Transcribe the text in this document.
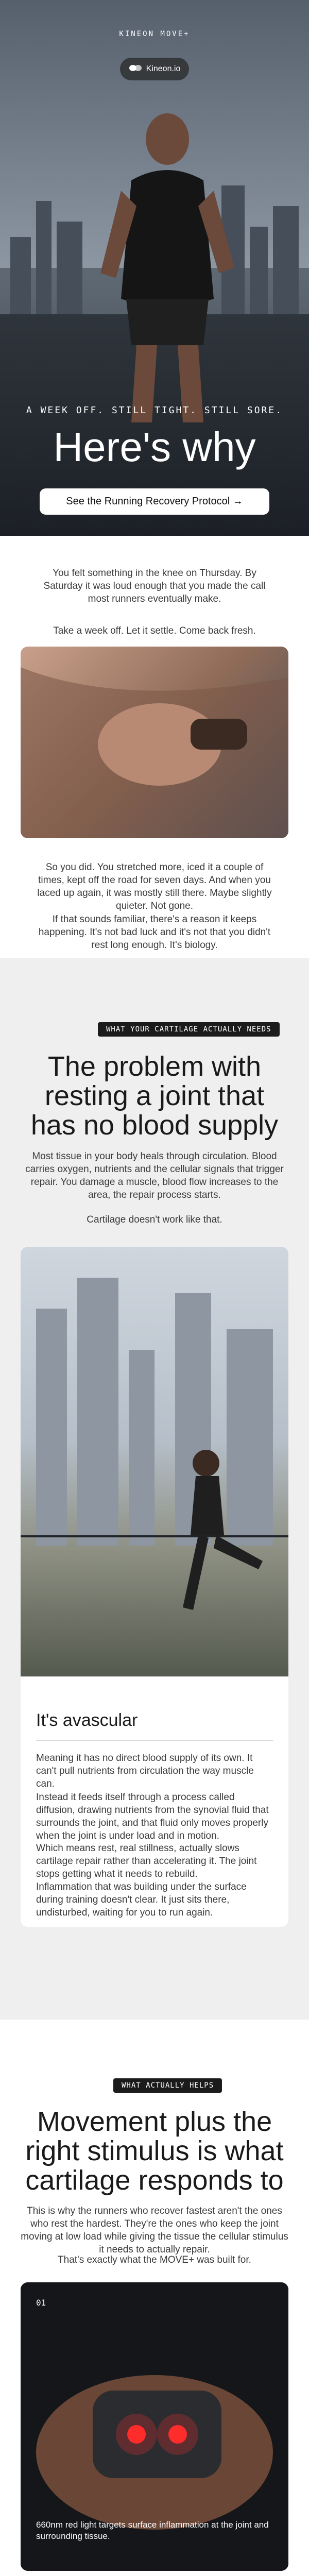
KINEON MOVE+
Kineon.io
A WEEK OFF. STILL TIGHT. STILL SORE.
Here's why
See the Running Recovery Protocol →

You felt something in the knee on Thursday. By Saturday it was loud enough that you made the call most runners eventually make.

Take a week off. Let it settle. Come back fresh.

So you did. You stretched more, iced it a couple of times, kept off the road for seven days. And when you laced up again, it was mostly still there. Maybe slightly quieter. Not gone.

If that sounds familiar, there's a reason it keeps happening. It's not bad luck and it's not that you didn't rest long enough. It's biology.

WHAT YOUR CARTILAGE ACTUALLY NEEDS
The problem with resting a joint that has no blood supply

Most tissue in your body heals through circulation. Blood carries oxygen, nutrients and the cellular signals that trigger repair. You damage a muscle, blood flow increases to the area, the repair process starts.

Cartilage doesn't work like that.

It's avascular

Meaning it has no direct blood supply of its own. It can't pull nutrients from circulation the way muscle can.

Instead it feeds itself through a process called diffusion, drawing nutrients from the synovial fluid that surrounds the joint, and that fluid only moves properly when the joint is under load and in motion.

Which means rest, real stillness, actually slows cartilage repair rather than accelerating it. The joint stops getting what it needs to rebuild.

Inflammation that was building under the surface during training doesn't clear. It just sits there, undisturbed, waiting for you to run again.

WHAT ACTUALLY HELPS
Movement plus the right stimulus is what cartilage responds to

This is why the runners who recover fastest aren't the ones who rest the hardest. They're the ones who keep the joint moving at low load while giving the tissue the cellular stimulus it needs to actually repair.

That's exactly what the MOVE+ was built for.

01
660nm red light targets surface inflammation at the joint and surrounding tissue.
